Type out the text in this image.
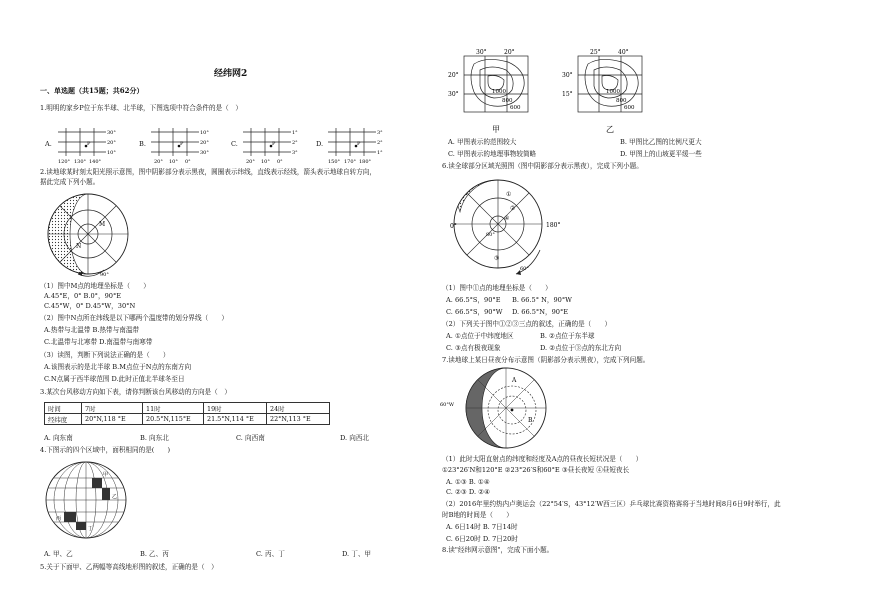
经纬网2
一、单选题（共15题；共62分）
1.明明的家乡P位于东半球、北半球，下图选项中符合条件的是（　）
A.	P
30°
20°
10°
120° 130° 140°
B.	P
10°
20°
30°
20° 10° 0°
C.	P
1°
2°
3°
20° 10° 0°
D.	P
3°
2°
1°
150° 170° 180°
2.读地球某时刻太阳光照示意图，图中阴影部分表示黑夜，圆圈表示纬线，直线表示经线，箭头表示地球自转方向，
据此完成下列小题。
M
N
90°
（1）图中M点的地理坐标是（　　）
A.45°E，0° B.0°，90°E
C.45°W，0° D.45°W，30°N
（2）图中N点所在纬线是以下哪两个温度带的划分界线（　　）
A.热带与北温带 B.热带与南温带
C.北温带与北寒带 D.南温带与南寒带
（3）读图，判断下列说法正确的是（　　）
A.该图表示的是北半球 B.M点位于N点的东南方向
C.N点属于西半球范围 D.此时正值北半球冬至日
3.某次台风移动方向如下表，请你判断该台风移动的方向是（　）
时间	7时	11时	19时	24时
经纬度	20°N,118 °E	20.5°N,115°E	21.5°N,114 °E	22°N,113 °E
A. 向东南	B. 向东北	C. 向西南	D. 向西北
4.下图示的四个区域中，面积相同的是(　　)
甲
乙
丙
丁
A. 甲、乙	B. 乙、丙	C. 丙、丁	D. 丁、甲
5.关于下面甲、乙两幅等高线地形图的叙述，正确的是（　）
30°	20°
20°
30°	1000
800
600
甲
25°	40°
30°
15°	1000
800
600
乙
A. 甲图表示的范围较大	B. 甲图比乙图的比例尺更大
C. 甲图表示的地理事物较简略	D. 甲图上的山坡更平缓一些
6.读全球部分区域光照图（图中阴影部分表示黑夜），完成下列小题。
①
②
④
③
0°
80°
180°
60°
（1）图中①点的地理坐标是（　　）
A. 66.5°S，90°E B. 66.5° N，90°W
C. 66.5°S，90°W D. 66.5°N，90°E
（2）下列关于图中①②③三点的叙述，正确的是（　　）
A. ①点位于中纬度地区	B. ②点位于东半球
C. ③点有极夜现象	D. ②点位于③点的东北方向
7.读地球上某日昼夜分布示意图（阴影部分表示黑夜），完成下列问题。
A
B
60°W
（1）此时太阳直射点的纬度和经度及A点的昼夜长短状况是（　　）
①23°26′N和120°E ②23°26′S和60°E ③昼长夜短 ④昼短夜长
A. ①③ B. ①④
C. ②③ D. ②④
（2）2016年里约热内卢奥运会（22°54′S，43°12′W西三区）乒乓球比赛资格赛将于当地时间8月6日9时举行，此
时B地的时间是（　　）
A. 6日14时 B. 7日14时
C. 6日20时 D. 7日20时
8.读"经纬网示意图"，完成下面小题。
